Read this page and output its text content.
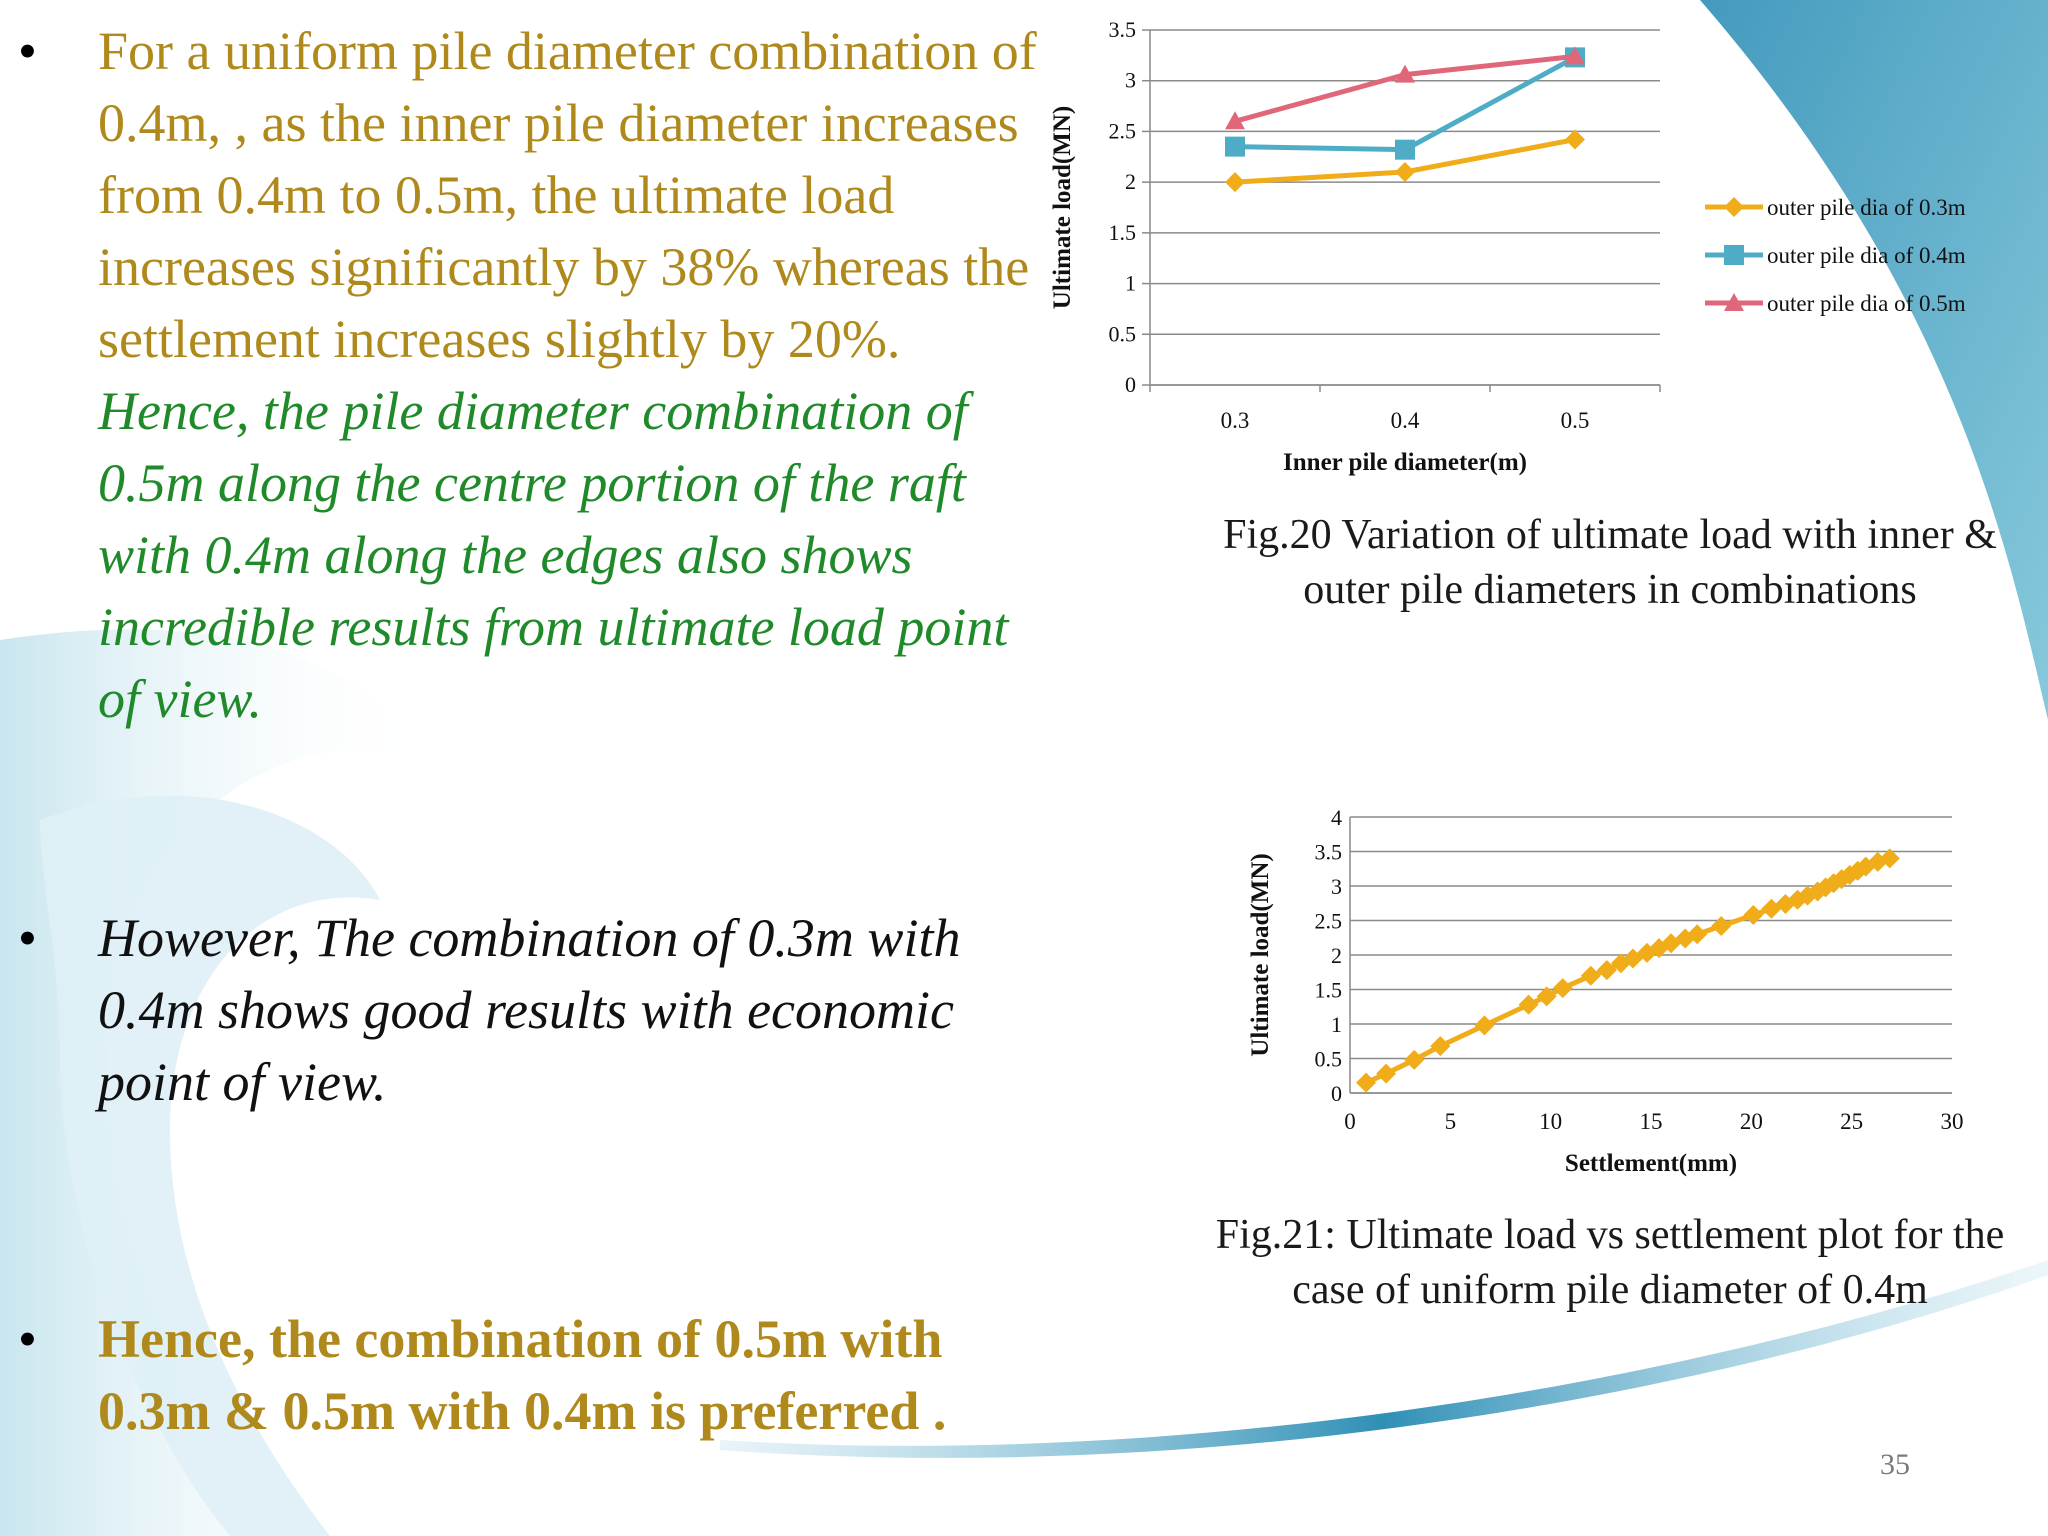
• For a uniform pile diameter combination of 0.4m, , as the inner pile diameter increases from 0.4m to 0.5m, the ultimate load increases significantly by 38% whereas the settlement increases slightly by 20%. Hence, the pile diameter combination of 0.5m along the centre portion of the raft with 0.4m along the edges also shows incredible results from ultimate load point of view.
• However, The combination of 0.3m with 0.4m shows good results with economic point of view.
• Hence, the combination of 0.5m with 0.3m & 0.5m with 0.4m is preferred .
0
0.5
1
1.5
2
2.5
3
3.5
0.3	0.4	0.5
Inner pile diameter(m)
Ultimate load(MN)	outer pile dia of 0.3m
outer pile dia of 0.4m
outer pile dia of 0.5m
0
0.5
1
1.5
2
2.5
3
3.5
4
0	5	10	15	20	25	30
Settlement(mm)
Ultimate load(MN)
Fig.20 Variation of ultimate load with inner & outer pile diameters in combinations
Fig.21: Ultimate load vs settlement plot for the case of uniform pile diameter of 0.4m
35
